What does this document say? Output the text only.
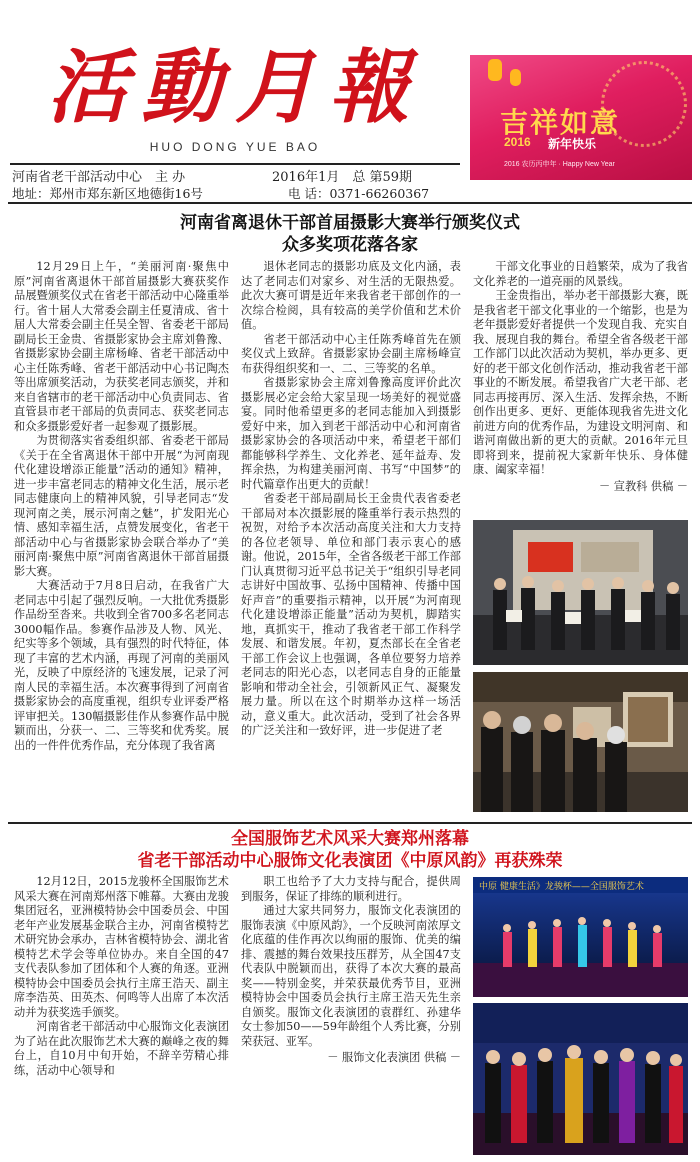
活動月報
HUO DONG YUE BAO
河南省老干部活动中心　主 办	2016年1月　总 第59期
地址：郑州市郑东新区地德街16号	电 话：0371-66260367
吉祥如意
2016 新年快乐
2016 农历丙申年 · Happy New Year
河南省离退休干部首届摄影大赛举行颁奖仪式
众多奖项花落各家

12月29日上午，“美丽河南·聚焦中原”河南省离退休干部首届摄影大赛获奖作品展暨颁奖仪式在省老干部活动中心隆重举行。省十届人大常委会副主任夏清成、省十届人大常委会副主任吴全智、省委老干部局副局长王金贵、省摄影家协会主席刘鲁豫、省摄影家协会副主席杨峰、省老干部活动中心主任陈秀峰、省老干部活动中心书记陶杰等出席颁奖活动，为获奖老同志颁奖，并和来自省辖市的老干部活动中心负责同志、省直管县市老干部局的负责同志、获奖老同志和众多摄影爱好者一起参观了摄影展。

为贯彻落实省委组织部、省委老干部局《关于在全省离退休干部中开展“为河南现代化建设增添正能量”活动的通知》精神，进一步丰富老同志的精神文化生活，展示老同志健康向上的精神风貌，引导老同志“发现河南之美，展示河南之魅”，扩发阳光心情、感知幸福生活，点赞发展变化，省老干部活动中心与省摄影家协会联合举办了“美丽河南·聚焦中原”河南省离退休干部首届摄影大赛。

大赛活动于7月8日启动，在我省广大老同志中引起了强烈反响。一大批优秀摄影作品纷至沓来。共收到全省700多名老同志3000幅作品。参赛作品涉及人物、风光、纪实等多个领域，具有强烈的时代特征，体现了丰富的艺术内涵，再现了河南的美丽风光，反映了中原经济的飞速发展，记录了河南人民的幸福生活。本次赛事得到了河南省摄影家协会的高度重视，组织专业评委严格评审把关。130幅摄影佳作从参赛作品中脱颖而出，分获一、二、三等奖和优秀奖。展出的一件件优秀作品，充分体现了我省离

退休老同志的摄影功底及文化内涵，表达了老同志们对家乡、对生活的无限热爱。此次大赛可谓是近年来我省老干部创作的一次综合检阅，具有较高的美学价值和艺术价值。

省老干部活动中心主任陈秀峰首先在颁奖仪式上致辞。省摄影家协会副主席杨峰宣布获得组织奖和一、二、三等奖的名单。

省摄影家协会主席刘鲁豫高度评价此次摄影展必定会给大家呈现一场美好的视觉盛宴。同时他希望更多的老同志能加入到摄影爱好中来，加入到老干部活动中心和河南省摄影家协会的各项活动中来，希望老干部们都能够科学养生、文化养老、延年益寿、发挥余热，为构建美丽河南、书写“中国梦”的时代篇章作出更大的贡献！

省委老干部局副局长王金贵代表省委老干部局对本次摄影展的隆重举行表示热烈的祝贺，对给予本次活动高度关注和大力支持的各位老领导、单位和部门表示衷心的感谢。他说，2015年，全省各级老干部工作部门认真贯彻习近平总书记关于“组织引导老同志讲好中国故事、弘扬中国精神、传播中国好声音”的重要指示精神，以开展“为河南现代化建设增添正能量”活动为契机，脚踏实地，真抓实干，推动了我省老干部工作科学发展、和谐发展。年初，夏杰部长在全省老干部工作会议上也强调，各单位要努力培养老同志的阳光心态，以老同志自身的正能量影响和带动全社会，引领新风正气、凝聚发展力量。所以在这个时期举办这样一场活动，意义重大。此次活动，受到了社会各界的广泛关注和一致好评，进一步促进了老

干部文化事业的日趋繁荣，成为了我省文化养老的一道亮丽的风景线。

王金贵指出，举办老干部摄影大赛，既是我省老干部文化事业的一个缩影，也是为老年摄影爱好者提供一个发现自我、充实自我、展现自我的舞台。希望全省各级老干部工作部门以此次活动为契机，举办更多、更好的老干部文化创作活动，推动我省老干部事业的不断发展。希望我省广大老干部、老同志再接再厉、深入生活、发挥余热，不断创作出更多、更好、更能体现我省先进文化前进方向的优秀作品，为建设文明河南、和谐河南做出新的更大的贡献。2016年元旦即将到来，提前祝大家新年快乐、身体健康、阖家幸福！

－ 宣教科 供稿 －

全国服饰艺术风采大赛郑州落幕
省老干部活动中心服饰文化表演团《中原风韵》再获殊荣

12月12日，2015龙骏杯全国服饰艺术风采大赛在河南郑州落下帷幕。大赛由龙骏集团冠名，亚洲模特协会中国委员会、中国老年产业发展基金联合主办，河南省模特艺术研究协会承办，吉林省模特协会、湖北省模特艺术学会等单位协办。来自全国的47支代表队参加了团体和个人赛的角逐。亚洲模特协会中国委员会执行主席王浩天、副主席李浩英、田英杰、何鸣等人出席了本次活动并为获奖选手颁奖。

河南省老干部活动中心服饰文化表演团为了站在此次服饰艺术大赛的巅峰之夜的舞台上，自10月中旬开始，不辞辛劳精心排练，活动中心领导和

职工也给予了大力支持与配合，提供周到服务，保证了排练的顺利进行。

通过大家共同努力，服饰文化表演团的服饰表演《中原风韵》，一个反映河南浓厚文化底蕴的佳作再次以绚丽的服饰、优美的编排、震撼的舞台效果技压群芳，从全国47支代表队中脱颖而出，获得了本次大赛的最高奖——特别金奖，并荣获最优秀节目，亚洲模特协会中国委员会执行主席王浩天先生亲自颁奖。服饰文化表演团的袁群红、孙建华女士参加50——59年龄组个人秀比赛，分别荣获冠、亚军。

－ 服饰文化表演团 供稿 －

中原 健康生活》龙骏杯——全国服饰艺术
